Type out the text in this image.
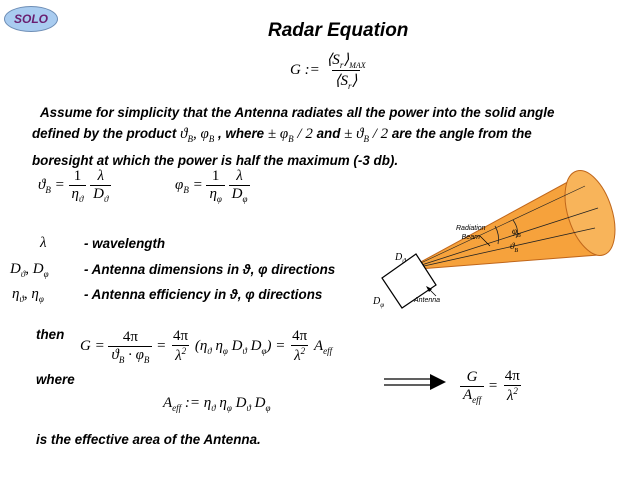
SOLO
Radar Equation
G := $\frac{⟨S_r⟩_{MAX}}{⟨S_r⟩}$
Assume for simplicity that the Antenna radiates all the power into the solid angle
defined by the product $ϑ_B$, $\varphi_B$ , where ± $\varphi_B / 2$ and ± $ϑ_B / 2$ are the angle from the
boresight at which the power is half the maximum (-3 db).
$ϑ_B = \frac{1}{\eta_ϑ}$
$\frac{\lambda}{D_ϑ}$	$\varphi_B = \frac{1}{\eta_\varphi}$
$\frac{\lambda}{D_\varphi}$
λ	- wavelength
$D_ϑ$, $D_\varphi$	- Antenna dimensions in ϑ, φ directions
$\eta_ϑ$, $\eta_\varphi$	- Antenna efficiency in ϑ, φ directions
then
$G = \frac{4\pi}{ϑ_B \cdot \varphi_B} = \frac{4\pi}{\lambda^2} (\eta_ϑ$ $\eta_\varphi$ $D_ϑ$ $D_\varphi) = \frac{4\pi}{\lambda^2} A_{eff}$
where
$A_{eff}$ := $\eta_ϑ$ $\eta_\varphi$ $D_ϑ$ $D_\varphi$
$\frac{G}{A_{eff}} = \frac{4\pi}{\lambda^2}$
is the effective area of the Antenna.
Radiation
Beam
Antenna
$D_ϑ$
$D_\varphi$
$\varphi_B$
$ϑ_B$
